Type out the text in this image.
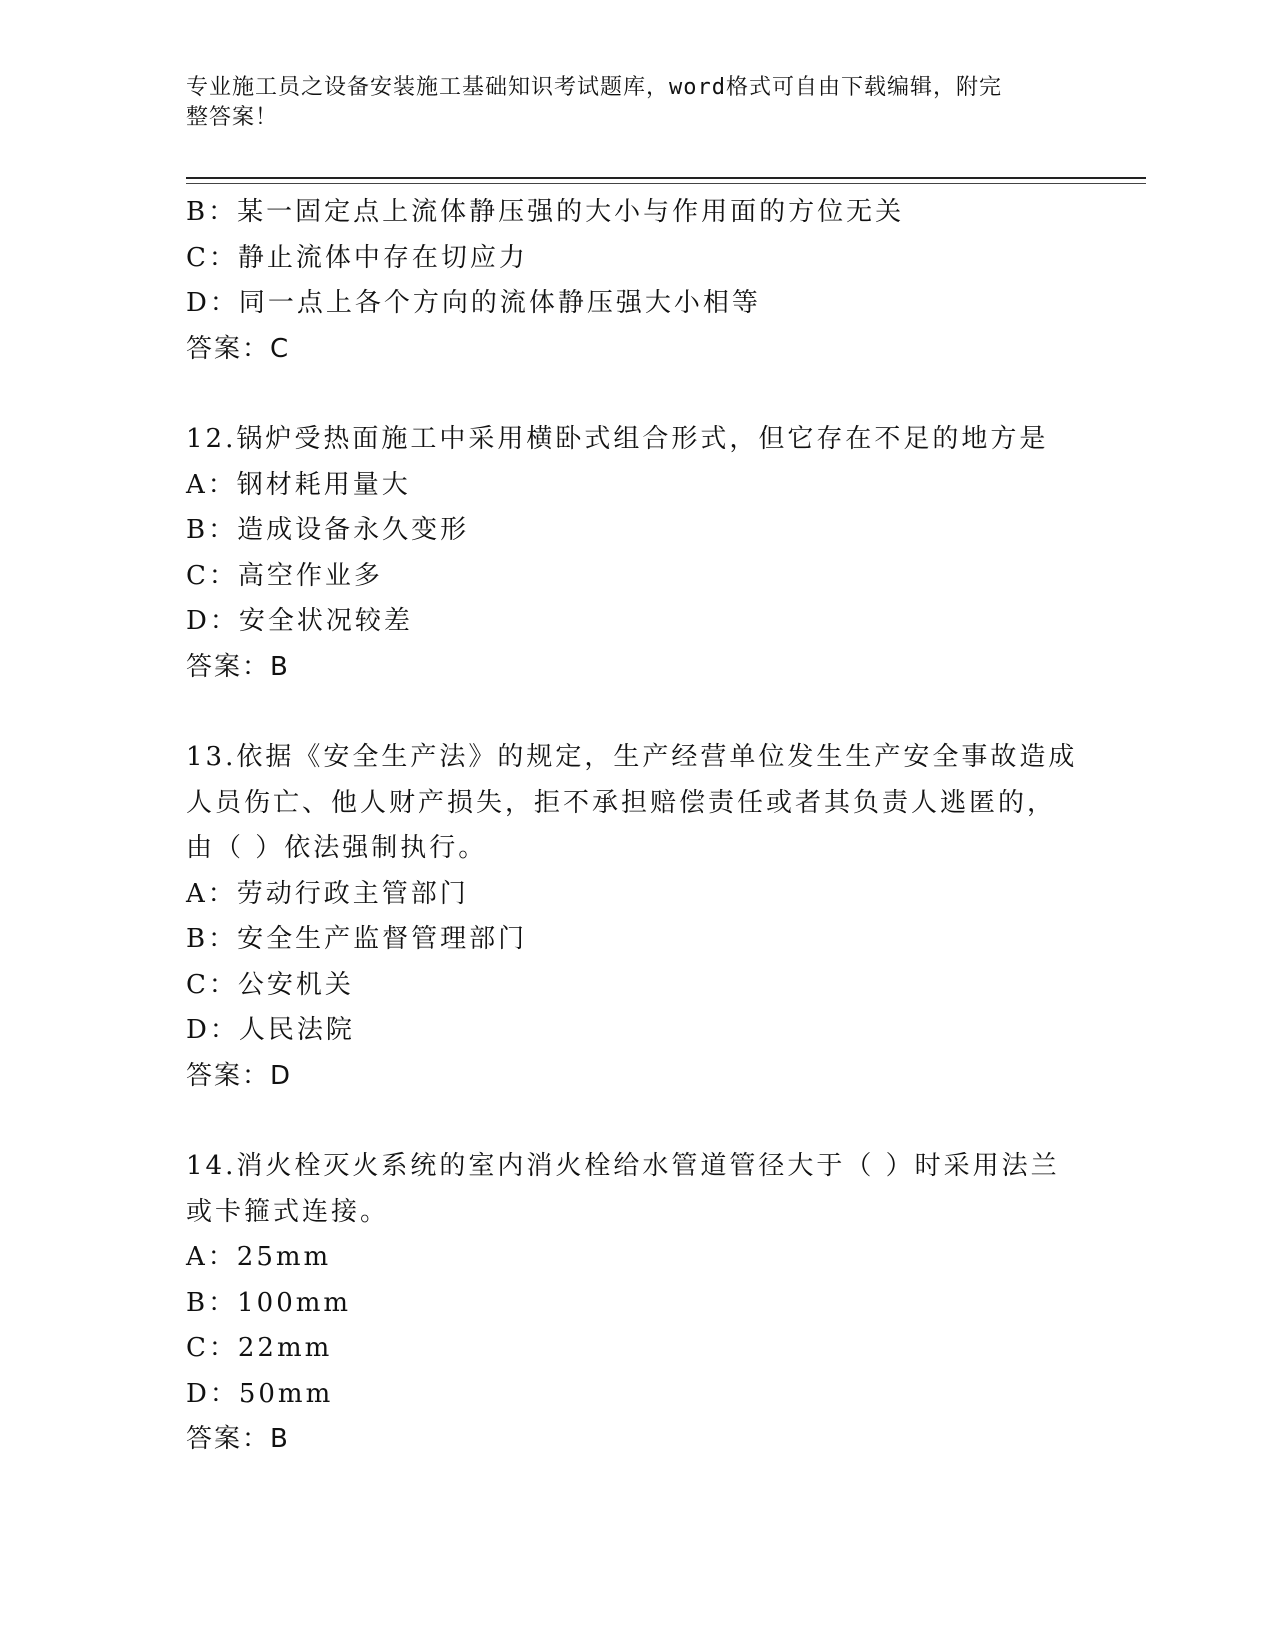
专业施工员之设备安装施工基础知识考试题库，word格式可自由下载编辑，附完
整答案！

B：某一固定点上流体静压强的大小与作用面的方位无关

C：静止流体中存在切应力

D：同一点上各个方向的流体静压强大小相等

答案：C

12.锅炉受热面施工中采用横卧式组合形式，但它存在不足的地方是

A：钢材耗用量大

B：造成设备永久变形

C：高空作业多

D：安全状况较差

答案：B

13.依据《安全生产法》的规定，生产经营单位发生生产安全事故造成

人员伤亡、他人财产损失，拒不承担赔偿责任或者其负责人逃匿的，

由（ ）依法强制执行。

A：劳动行政主管部门

B：安全生产监督管理部门

C：公安机关

D：人民法院

答案：D

14.消火栓灭火系统的室内消火栓给水管道管径大于（ ）时采用法兰

或卡箍式连接。

A：25mm

B：100mm

C：22mm

D：50mm

答案：B
